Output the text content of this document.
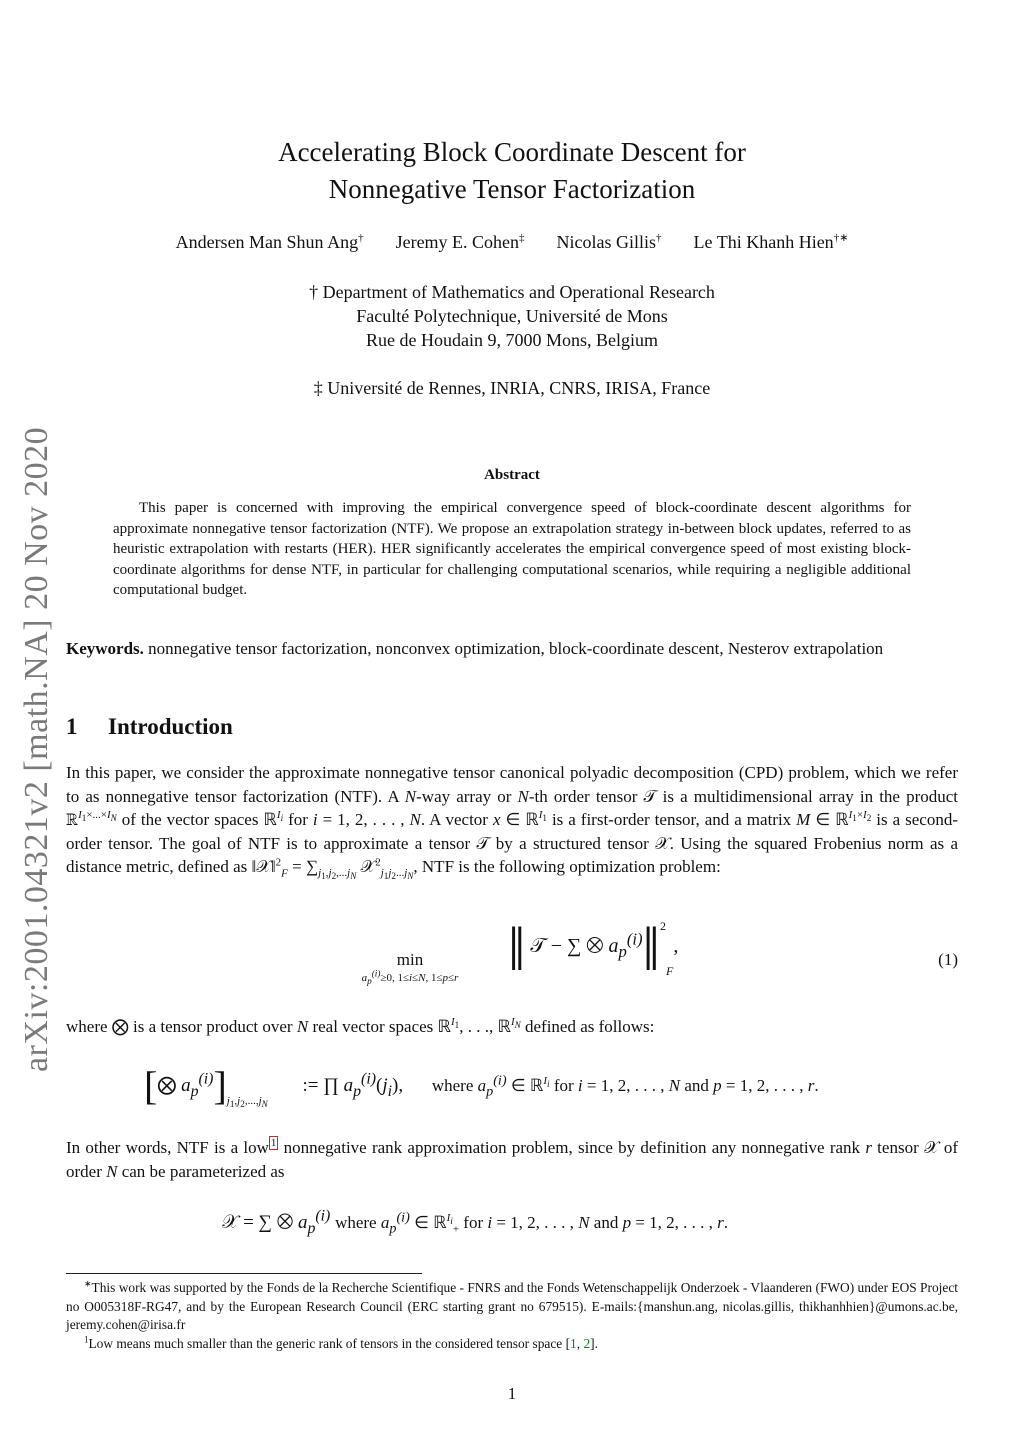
arXiv:2001.04321v2 [math.NA] 20 Nov 2020
Accelerating Block Coordinate Descent for
Nonnegative Tensor Factorization
Andersen Man Shun Ang† Jeremy E. Cohen‡ Nicolas Gillis† Le Thi Khanh Hien†∗
† Department of Mathematics and Operational Research
Faculté Polytechnique, Université de Mons
Rue de Houdain 9, 7000 Mons, Belgium
‡ Université de Rennes, INRIA, CNRS, IRISA, France
Abstract
This paper is concerned with improving the empirical convergence speed of block-coordinate descent algorithms for approximate nonnegative tensor factorization (NTF). We propose an extrapolation strategy in-between block updates, referred to as heuristic extrapolation with restarts (HER). HER significantly accelerates the empirical convergence speed of most existing block-coordinate algorithms for dense NTF, in particular for challenging computational scenarios, while requiring a negligible additional computational budget.
Keywords. nonnegative tensor factorization, nonconvex optimization, block-coordinate descent, Nesterov extrapolation
1 Introduction
In this paper, we consider the approximate nonnegative tensor canonical polyadic decomposition (CPD) problem, which we refer to as nonnegative tensor factorization (NTF). A N-way array or N-th order tensor 𝒯 is a multidimensional array in the product ℝ$^{I_1\times...\times I_N}$ of the vector spaces ℝ$^{I_i}$ for i = 1, 2, . . . , N. A vector x ∈ ℝ$^{I_1}$ is a first-order tensor, and a matrix M ∈ ℝ$^{I_1\times I_2}$ is a second-order tensor. The goal of NTF is to approximate a tensor 𝒯 by a structured tensor 𝒳. Using the squared Frobenius norm as a distance metric, defined as ‖𝒳‖$^2_F$ = $\sum_{j_1,j_2,...j_N}$ 𝒳$^2_{j_1j_2...j_N}$, NTF is the following optimization problem:
min
$a_p^{(i)}\ge 0$, 1≤i≤N, 1≤p≤r ‖ 𝒯 − ∑ ⨂ $a_p^{(i)}‖^2_F$,
(1)
where ⨂ is a tensor product over N real vector spaces ℝ$^{I_1}$, . . ., ℝ$^{I_N}$ defined as follows:
[⨂ $a_p^{(i)}]_{j_1,j_2,...,j_N}$ := ∏ $a_p^{(i)}(j_i)$, where $a_p^{(i)}$ ∈ ℝ$^{I_i}$ for i = 1, 2, . . . , N and p = 1, 2, . . . , r.
In other words, NTF is a low $^1$ nonnegative rank approximation problem, since by definition any nonnegative rank r tensor 𝒳 of order N can be parameterized as
𝒳 = ∑ ⨂ $a_p^{(i)}$ where $a_p^{(i)}$ ∈ ℝ$^{I_i}_+$ for i = 1, 2, . . . , N and p = 1, 2, . . . , r.
∗This work was supported by the Fonds de la Recherche Scientifique - FNRS and the Fonds Wetenschappelijk Onderzoek - Vlaanderen (FWO) under EOS Project no O005318F-RG47, and by the European Research Council (ERC starting grant no 679515). E-mails:{manshun.ang, nicolas.gillis, thikhanhhien}@umons.ac.be, jeremy.cohen@irisa.fr
$^1$Low means much smaller than the generic rank of tensors in the considered tensor space [1, 2].
1
